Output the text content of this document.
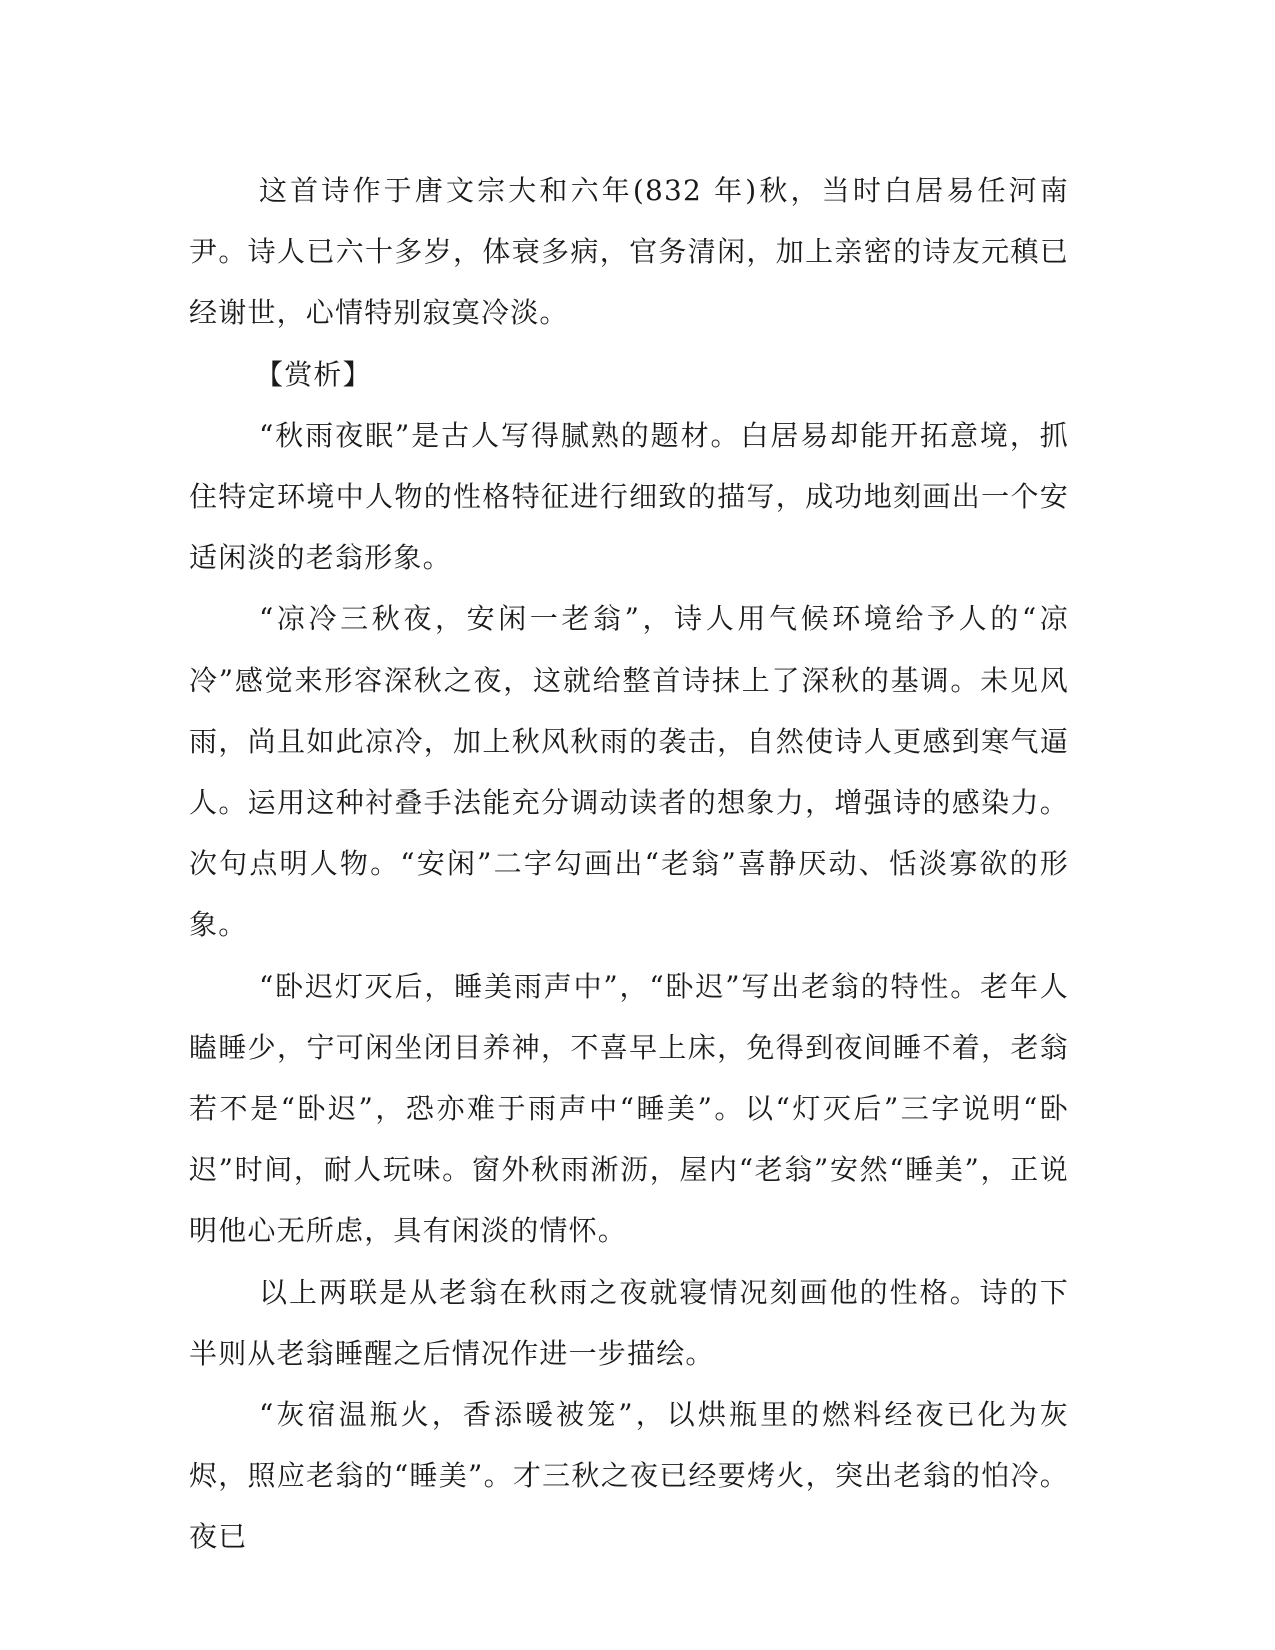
这首诗作于唐文宗大和六年(832 年)秋，当时白居易任河南尹。诗人已六十多岁，体衰多病，官务清闲，加上亲密的诗友元稹已经谢世，心情特别寂寞冷淡。

【赏析】

“秋雨夜眠”是古人写得腻熟的题材。白居易却能开拓意境，抓住特定环境中人物的性格特征进行细致的描写，成功地刻画出一个安适闲淡的老翁形象。

“凉冷三秋夜，安闲一老翁”，诗人用气候环境给予人的“凉冷”感觉来形容深秋之夜，这就给整首诗抹上了深秋的基调。未见风雨，尚且如此凉冷，加上秋风秋雨的袭击，自然使诗人更感到寒气逼人。运用这种衬叠手法能充分调动读者的想象力，增强诗的感染力。次句点明人物。“安闲”二字勾画出“老翁”喜静厌动、恬淡寡欲的形象。

“卧迟灯灭后，睡美雨声中”，“卧迟”写出老翁的特性。老年人瞌睡少，宁可闲坐闭目养神，不喜早上床，免得到夜间睡不着，老翁若不是“卧迟”，恐亦难于雨声中“睡美”。以“灯灭后”三字说明“卧迟”时间，耐人玩味。窗外秋雨淅沥，屋内“老翁”安然“睡美”，正说明他心无所虑，具有闲淡的情怀。

以上两联是从老翁在秋雨之夜就寝情况刻画他的性格。诗的下半则从老翁睡醒之后情况作进一步描绘。

“灰宿温瓶火，香添暖被笼”，以烘瓶里的燃料经夜已化为灰烬，照应老翁的“睡美”。才三秋之夜已经要烤火，突出老翁的怕冷。夜已
